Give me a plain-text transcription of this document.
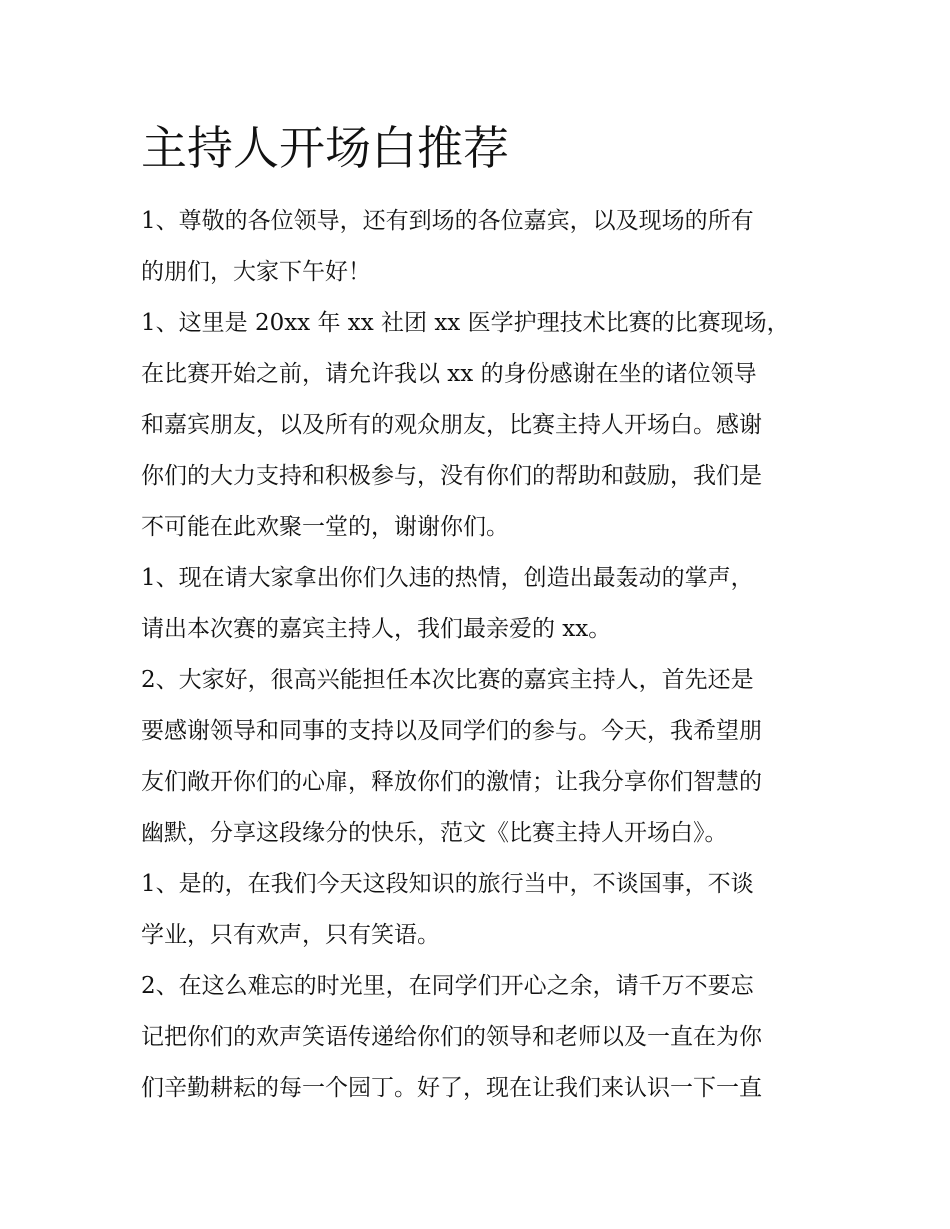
主持人开场白推荐

1、尊敬的各位领导，还有到场的各位嘉宾，以及现场的所有

的朋们，大家下午好！

1、这里是 20xx 年 xx 社团 xx 医学护理技术比赛的比赛现场，

在比赛开始之前，请允许我以 xx 的身份感谢在坐的诸位领导

和嘉宾朋友，以及所有的观众朋友，比赛主持人开场白。感谢

你们的大力支持和积极参与，没有你们的帮助和鼓励，我们是

不可能在此欢聚一堂的，谢谢你们。

1、现在请大家拿出你们久违的热情，创造出最轰动的掌声，

请出本次赛的嘉宾主持人，我们最亲爱的 xx。

2、大家好，很高兴能担任本次比赛的嘉宾主持人，首先还是

要感谢领导和同事的支持以及同学们的参与。今天，我希望朋

友们敞开你们的心扉，释放你们的激情；让我分享你们智慧的

幽默，分享这段缘分的快乐，范文《比赛主持人开场白》。

1、是的，在我们今天这段知识的旅行当中，不谈国事，不谈

学业，只有欢声，只有笑语。

2、在这么难忘的时光里，在同学们开心之余，请千万不要忘

记把你们的欢声笑语传递给你们的领导和老师以及一直在为你

们辛勤耕耘的每一个园丁。好了，现在让我们来认识一下一直
